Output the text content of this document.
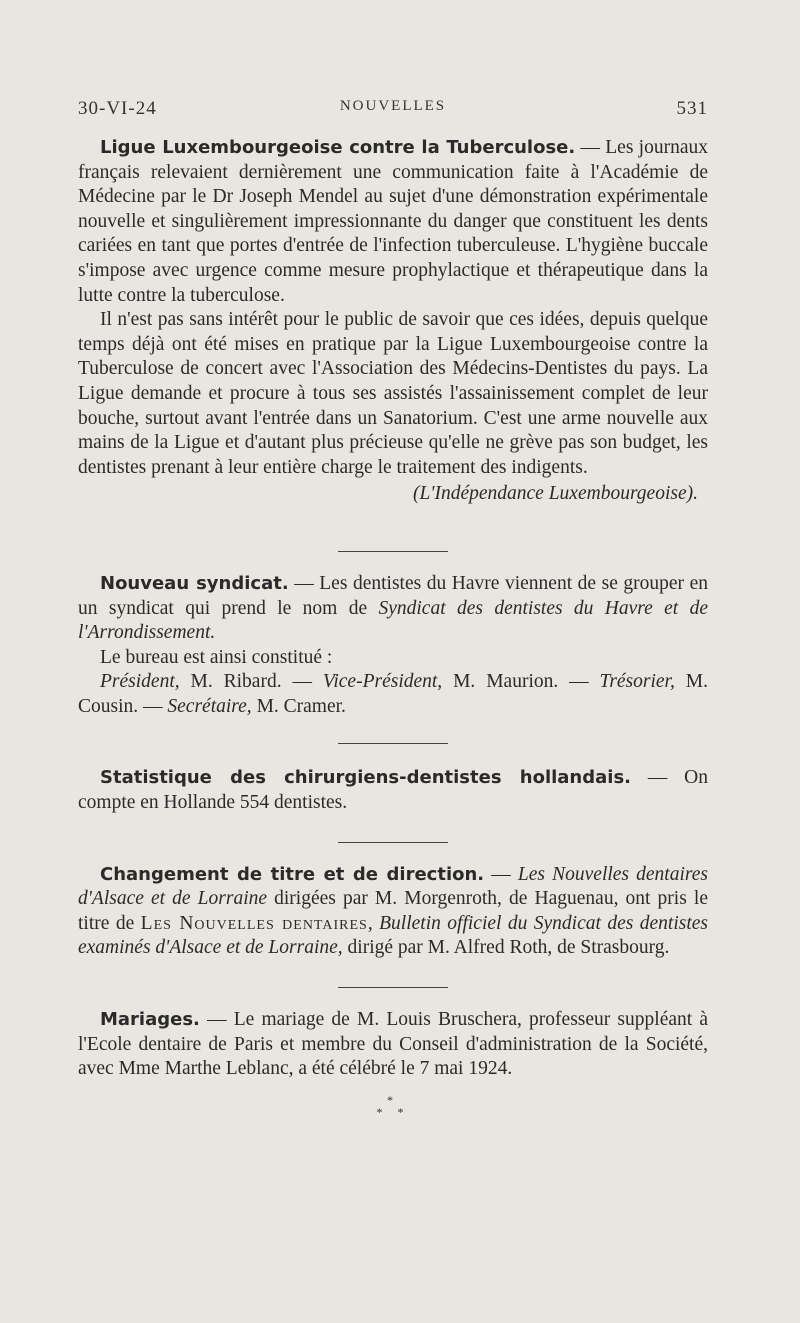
30-VI-24	NOUVELLES	531

Ligue Luxembourgeoise contre la Tuberculose. — Les journaux français relevaient dernièrement une communication faite à l'Académie de Médecine par le Dr Joseph Mendel au sujet d'une démonstration expérimentale nouvelle et singulièrement impressionnante du danger que constituent les dents cariées en tant que portes d'entrée de l'infection tuberculeuse. L'hygiène buccale s'impose avec urgence comme mesure prophylactique et thérapeutique dans la lutte contre la tuberculose.

Il n'est pas sans intérêt pour le public de savoir que ces idées, depuis quelque temps déjà ont été mises en pratique par la Ligue Luxembourgeoise contre la Tuberculose de concert avec l'Association des Médecins-Dentistes du pays. La Ligue demande et procure à tous ses assistés l'assainissement complet de leur bouche, surtout avant l'entrée dans un Sanatorium. C'est une arme nouvelle aux mains de la Ligue et d'autant plus précieuse qu'elle ne grève pas son budget, les dentistes prenant à leur entière charge le traitement des indigents.

(L'Indépendance Luxembourgeoise).

Nouveau syndicat. — Les dentistes du Havre viennent de se grouper en un syndicat qui prend le nom de Syndicat des dentistes du Havre et de l'Arrondissement.

Le bureau est ainsi constitué :

Président, M. Ribard. — Vice-Président, M. Maurion. — Trésorier, M. Cousin. — Secrétaire, M. Cramer.

Statistique des chirurgiens-dentistes hollandais. — On compte en Hollande 554 dentistes.

Changement de titre et de direction. — Les Nouvelles dentaires d'Alsace et de Lorraine dirigées par M. Morgenroth, de Haguenau, ont pris le titre de Les Nouvelles dentaires, Bulletin officiel du Syndicat des dentistes examinés d'Alsace et de Lorraine, dirigé par M. Alfred Roth, de Strasbourg.

Mariages. — Le mariage de M. Louis Bruschera, professeur suppléant à l'Ecole dentaire de Paris et membre du Conseil d'administration de la Société, avec Mme Marthe Leblanc, a été célébré le 7 mai 1924.

*
* *
